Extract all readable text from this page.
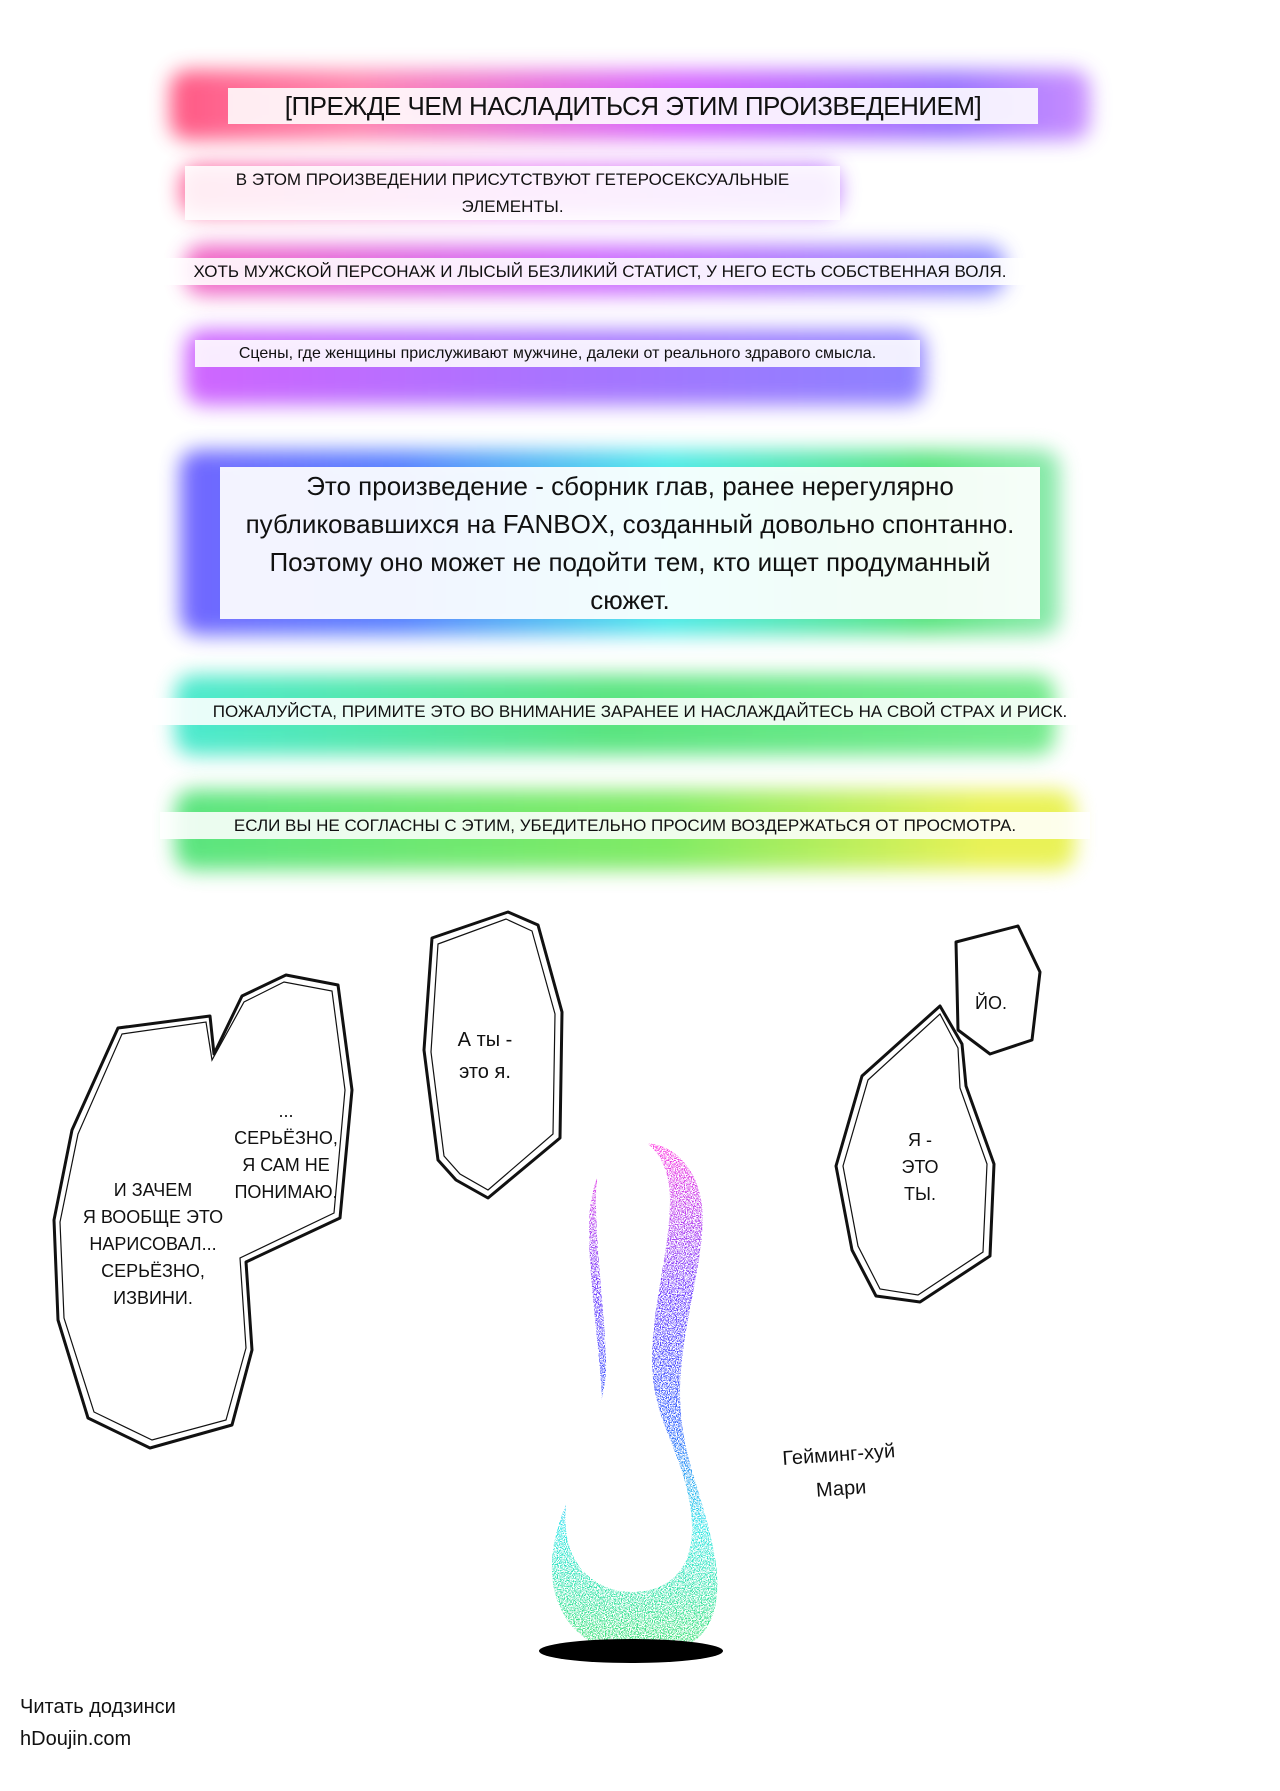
[ПРЕЖДЕ ЧЕМ НАСЛАДИТЬСЯ ЭТИМ ПРОИЗВЕДЕНИЕМ]
В ЭТОМ ПРОИЗВЕДЕНИИ ПРИСУТСТВУЮТ ГЕТЕРОСЕКСУАЛЬНЫЕ ЭЛЕМЕНТЫ.
ХОТЬ МУЖСКОЙ ПЕРСОНАЖ И ЛЫСЫЙ БЕЗЛИКИЙ СТАТИСТ, У НЕГО ЕСТЬ СОБСТВЕННАЯ ВОЛЯ.
Сцены, где женщины прислуживают мужчине, далеки от реального здравого смысла.
Это произведение - сборник глав, ранее нерегулярно публиковавшихся на FANBOX, созданный довольно спонтанно. Поэтому оно может не подойти тем, кто ищет продуманный сюжет.
ПОЖАЛУЙСТА, ПРИМИТЕ ЭТО ВО ВНИМАНИЕ ЗАРАНЕЕ И НАСЛАЖДАЙТЕСЬ НА СВОЙ СТРАХ И РИСК.
ЕСЛИ ВЫ НЕ СОГЛАСНЫ С ЭТИМ, УБЕДИТЕЛЬНО ПРОСИМ ВОЗДЕРЖАТЬСЯ ОТ ПРОСМОТРА.
...
СЕРЬЁЗНО,
Я САМ НЕ
ПОНИМАЮ.
И ЗАЧЕМ
Я ВООБЩЕ ЭТО
НАРИСОВАЛ...
СЕРЬЁЗНО,
ИЗВИНИ.
А ты -
это я.
ЙО.
Я -
ЭТО
ТЫ.
Гейминг-хуй
Мари
Читать додзинси
hDoujin.com
